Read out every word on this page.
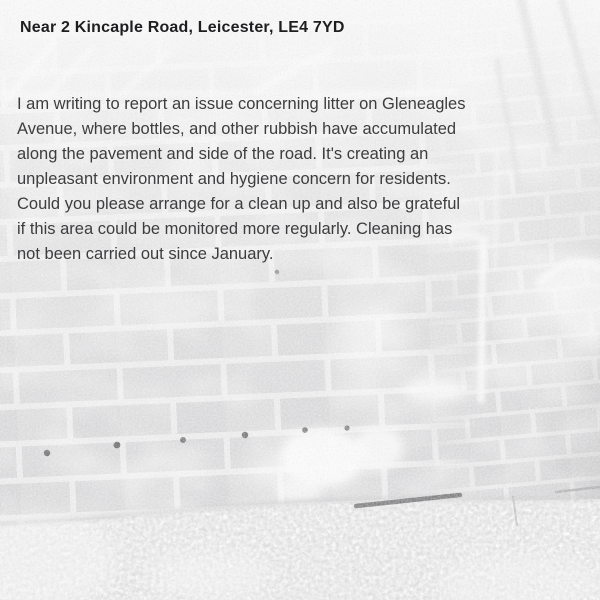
Near 2 Kincaple Road, Leicester, LE4 7YD
I am writing to report an issue concerning litter on Gleneagles
Avenue, where bottles, and other rubbish have accumulated
along the pavement and side of the road. It's creating an
unpleasant environment and hygiene concern for residents.
Could you please arrange for a clean up and also be grateful
if this area could be monitored more regularly. Cleaning has
not been carried out since January.
